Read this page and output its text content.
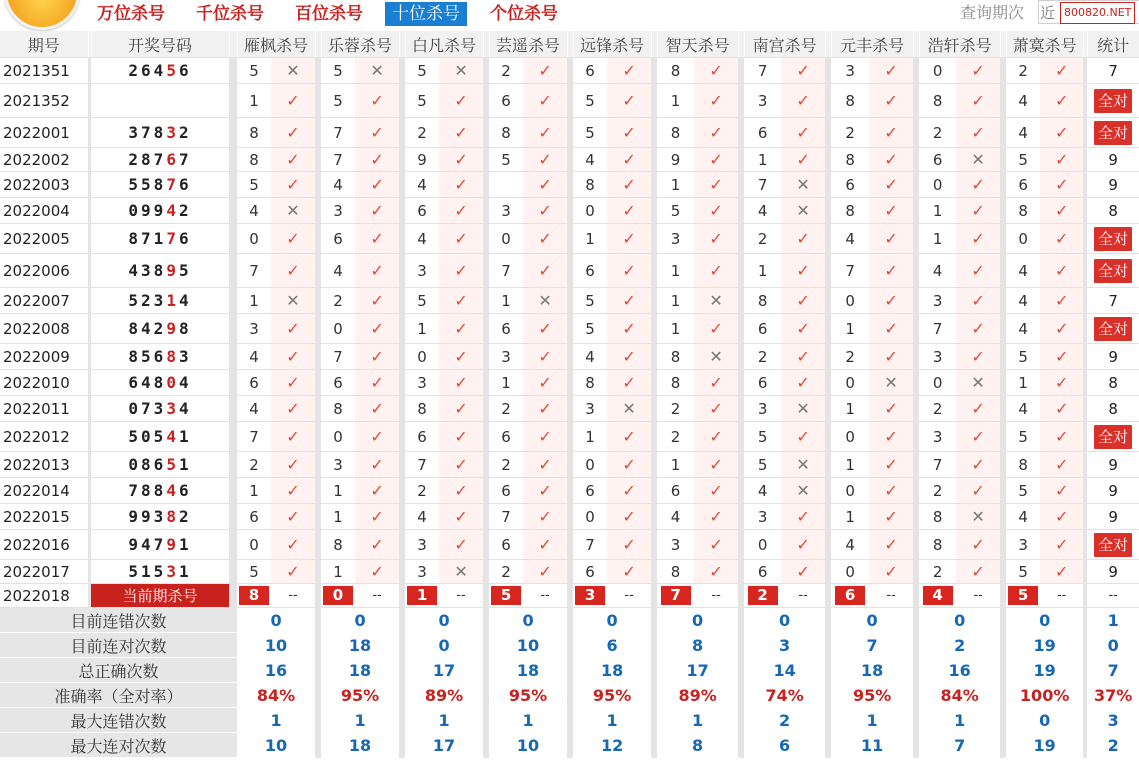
万位杀号	千位杀号	百位杀号	十位杀号	个位杀号	查询期次 近 800820.NET
期号		开奖号码		雁枫杀号			乐蓉杀号			白凡杀号			芸遥杀号			远锋杀号			智天杀号			南宫杀号			元丰杀号			浩轩杀号			萧寞杀号			统计
2021351		26456		5	✕		5	✕		5	✕		2	✓		6	✓		8	✓		7	✓		3	✓		0	✓		2	✓		7
2021352				1	✓		5	✓		5	✓		6	✓		5	✓		1	✓		3	✓		8	✓		8	✓		4	✓		全对
2022001		37832		8	✓		7	✓		2	✓		8	✓		5	✓		8	✓		6	✓		2	✓		2	✓		4	✓		全对
2022002		28767		8	✓		7	✓		9	✓		5	✓		4	✓		9	✓		1	✓		8	✓		6	✕		5	✓		9
2022003		55876		5	✓		4	✓		4	✓			✓		8	✓		1	✓		7	✕		6	✓		0	✓		6	✓		9
2022004		09942		4	✕		3	✓		6	✓		3	✓		0	✓		5	✓		4	✕		8	✓		1	✓		8	✓		8
2022005		87176		0	✓		6	✓		4	✓		0	✓		1	✓		3	✓		2	✓		4	✓		1	✓		0	✓		全对
2022006		43895		7	✓		4	✓		3	✓		7	✓		6	✓		1	✓		1	✓		7	✓		4	✓		4	✓		全对
2022007		52314		1	✕		2	✓		5	✓		1	✕		5	✓		1	✕		8	✓		0	✓		3	✓		4	✓		7
2022008		84298		3	✓		0	✓		1	✓		6	✓		5	✓		1	✓		6	✓		1	✓		7	✓		4	✓		全对
2022009		85683		4	✓		7	✓		0	✓		3	✓		4	✓		8	✕		2	✓		2	✓		3	✓		5	✓		9
2022010		64804		6	✓		6	✓		3	✓		1	✓		8	✓		8	✓		6	✓		0	✕		0	✕		1	✓		8
2022011		07334		4	✓		8	✓		8	✓		2	✓		3	✕		2	✓		3	✕		1	✓		2	✓		4	✓		8
2022012		50541		7	✓		0	✓		6	✓		6	✓		1	✓		2	✓		5	✓		0	✓		3	✓		5	✓		全对
2022013		08651		2	✓		3	✓		7	✓		2	✓		0	✓		1	✓		5	✕		1	✓		7	✓		8	✓		9
2022014		78846		1	✓		1	✓		2	✓		6	✓		6	✓		6	✓		4	✕		0	✓		2	✓		5	✓		9
2022015		99382		6	✓		1	✓		4	✓		7	✓		0	✓		4	✓		3	✓		1	✓		8	✕		4	✓		9
2022016		94791		0	✓		8	✓		3	✓		6	✓		7	✓		3	✓		0	✓		4	✓		8	✓		3	✓		全对
2022017		51531		5	✓		1	✓		3	✕		2	✓		6	✓		8	✓		6	✓		0	✓		2	✓		5	✓		9
2022018		当前期杀号		8	--		0	--		1	--		5	--		3	--		7	--		2	--		6	--		4	--		5	--		--
目前连错次数				0			0			0			0			0			0			0			0			0			0			1
目前连对次数				10			18			0			10			6			8			3			7			2			19			0
总正确次数				16			18			17			18			18			17			14			18			16			19			7
准确率（全对率）				84%			95%			89%			95%			95%			89%			74%			95%			84%			100%			37%
最大连错次数				1			1			1			1			1			1			2			1			1			0			3
最大连对次数				10			18			17			10			12			8			6			11			7			19			2
